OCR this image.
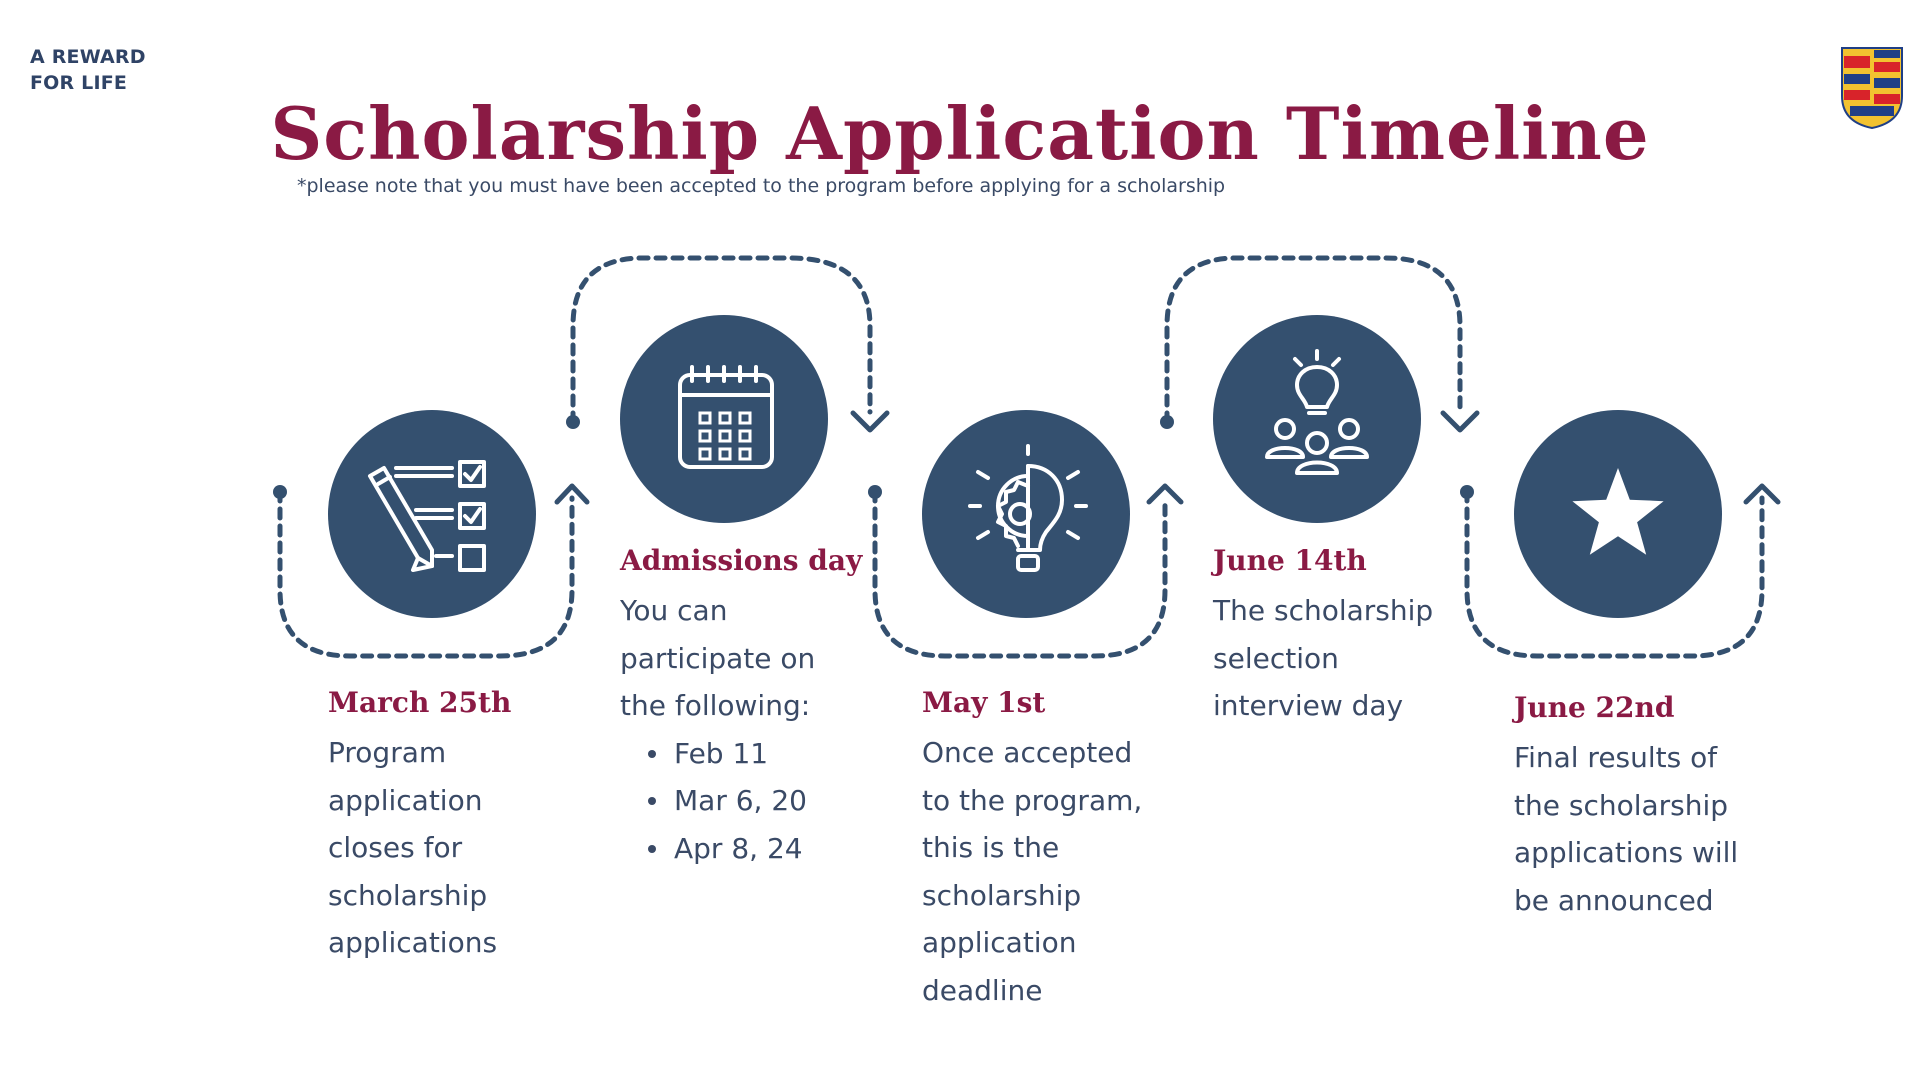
A REWARD
FOR LIFE
Scholarship Application Timeline
*please note that you must have been accepted to the program before applying for a scholarship
March 25th
Program application closes for scholarship applications
Admissions day
You can participate on the following:
Feb 11
Mar 6, 20
Apr 8, 24
May 1st
Once accepted to the program, this is the scholarship application deadline
June 14th
The scholarship selection interview day	June 22nd
Final results of the scholarship applications will be announced
